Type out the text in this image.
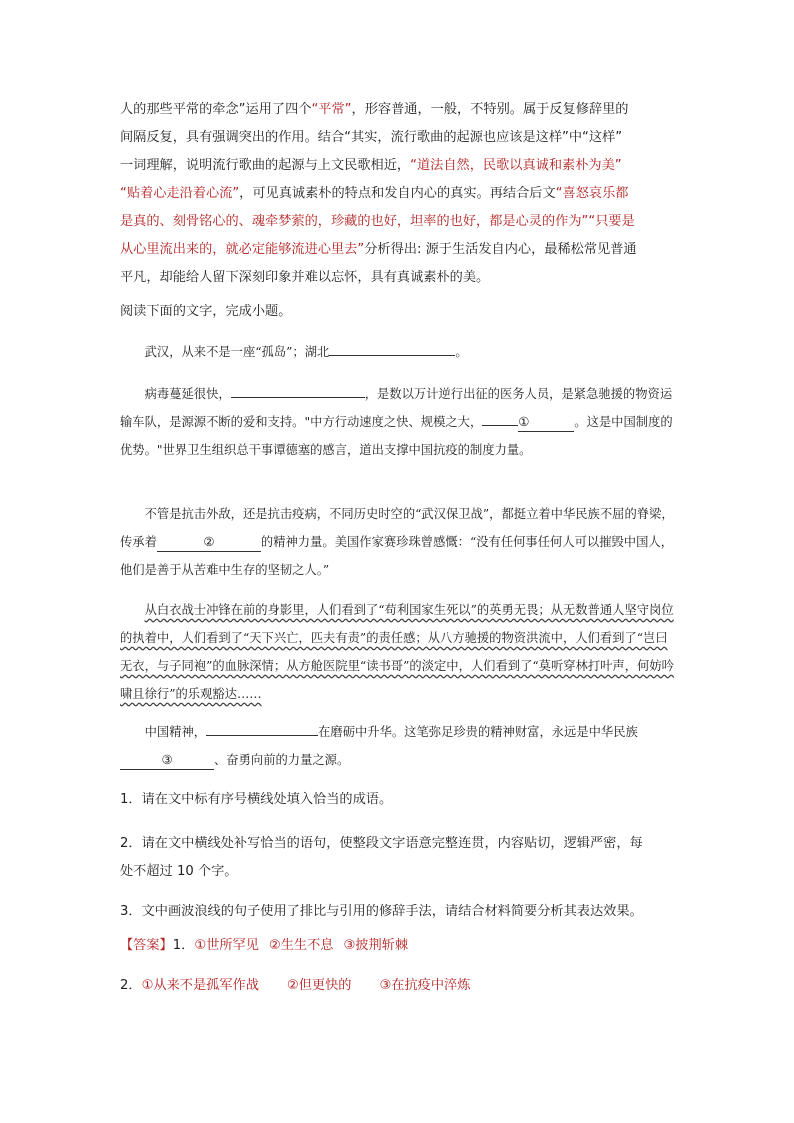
人的那些平常的牵念”运用了四个“平常”，形容普通，一般，不特别。属于反复修辞里的
间隔反复，具有强调突出的作用。结合“其实，流行歌曲的起源也应该是这样”中“这样”
一词理解，说明流行歌曲的起源与上文民歌相近，“道法自然，民歌以真诚和素朴为美”
“贴着心走沿着心流”，可见真诚素朴的特点和发自内心的真实。再结合后文“喜怒哀乐都
是真的、刻骨铭心的、魂牵梦萦的，珍藏的也好，坦率的也好，都是心灵的作为”“只要是
从心里流出来的，就必定能够流进心里去”分析得出: 源于生活发自内心，最稀松常见普通
平凡，却能给人留下深刻印象并难以忘怀，具有真诚素朴的美。
阅读下面的文字，完成小题。

武汉，从来不是一座“孤岛”；湖北	。

病毒蔓延很快，	，是数以万计逆行出征的医务人员，是紧急驰援的物资运输车队，是源源不断的爱和支持。"中方行动速度之快、规模之大，	①	。这是中国制度的优势。"世界卫生组织总干事谭德塞的感言，道出支撑中国抗疫的制度力量。

不管是抗击外敌，还是抗击疫病，不同历史时空的“武汉保卫战”，都挺立着中华民族不屈的脊梁，传承着	②	的精神力量。美国作家赛珍珠曾感慨：“没有任何事任何人可以摧毁中国人，他们是善于从苦难中生存的坚韧之人。”

从白衣战士冲锋在前的身影里，人们看到了“苟利国家生死以”的英勇无畏；从无数普通人坚守岗位的执着中，人们看到了“天下兴亡，匹夫有责”的责任感；从八方驰援的物资洪流中，人们看到了“岂曰无衣，与子同袍”的血脉深情；从方舱医院里“读书哥”的淡定中，人们看到了“莫听穿林打叶声，何妨吟啸且徐行”的乐观豁达……

中国精神，	在磨砺中升华。这笔弥足珍贵的精神财富，永远是中华民族③	、奋勇向前的力量之源。

1．请在文中标有序号横线处填入恰当的成语。

2．请在文中横线处补写恰当的语句，使整段文字语意完整连贯，内容贴切，逻辑严密，每
处不超过 10 个字。

3．文中画波浪线的句子使用了排比与引用的修辞手法，请结合材料简要分析其表达效果。

【答案】1．①世所罕见 ②生生不息 ③披荆斩棘

2．①从来不是孤军作战 ②但更快的 ③在抗疫中淬炼
